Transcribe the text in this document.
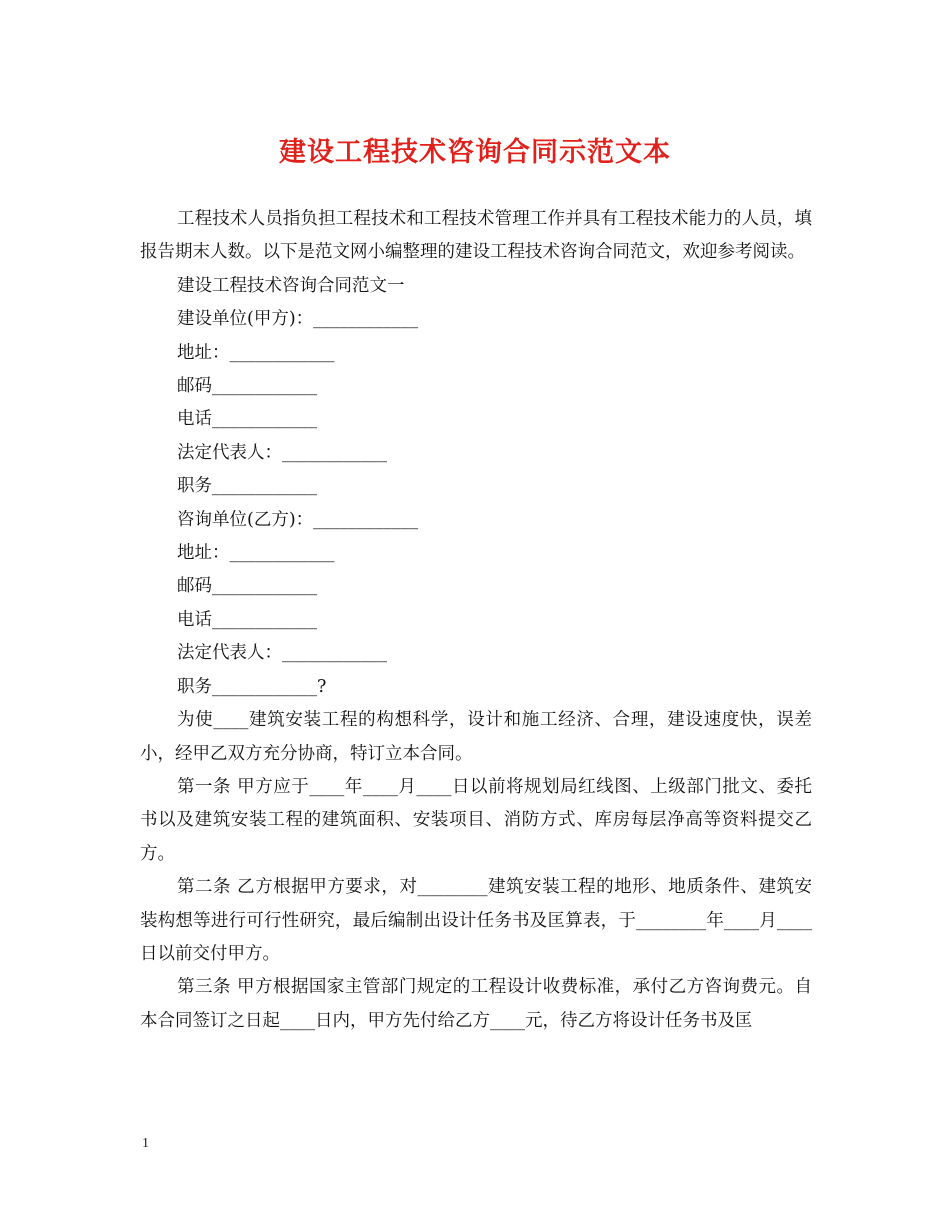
建设工程技术咨询合同示范文本

工程技术人员指负担工程技术和工程技术管理工作并具有工程技术能力的人员，填报告期末人数。以下是范文网小编整理的建设工程技术咨询合同范文，欢迎参考阅读。

建设工程技术咨询合同范文一

建设单位(甲方)：____________

地址：____________

邮码____________

电话____________

法定代表人：____________

职务____________

咨询单位(乙方)：____________

地址：____________

邮码____________

电话____________

法定代表人：____________

职务____________?

为使____建筑安装工程的构想科学，设计和施工经济、合理，建设速度快，误差小，经甲乙双方充分协商，特订立本合同。

第一条 甲方应于____年____月____日以前将规划局红线图、上级部门批文、委托书以及建筑安装工程的建筑面积、安装项目、消防方式、库房每层净高等资料提交乙方。

第二条 乙方根据甲方要求，对________建筑安装工程的地形、地质条件、建筑安装构想等进行可行性研究，最后编制出设计任务书及匡算表，于________年____月____日以前交付甲方。

第三条 甲方根据国家主管部门规定的工程设计收费标准，承付乙方咨询费元。自本合同签订之日起____日内，甲方先付给乙方____元，待乙方将设计任务书及匡

1
